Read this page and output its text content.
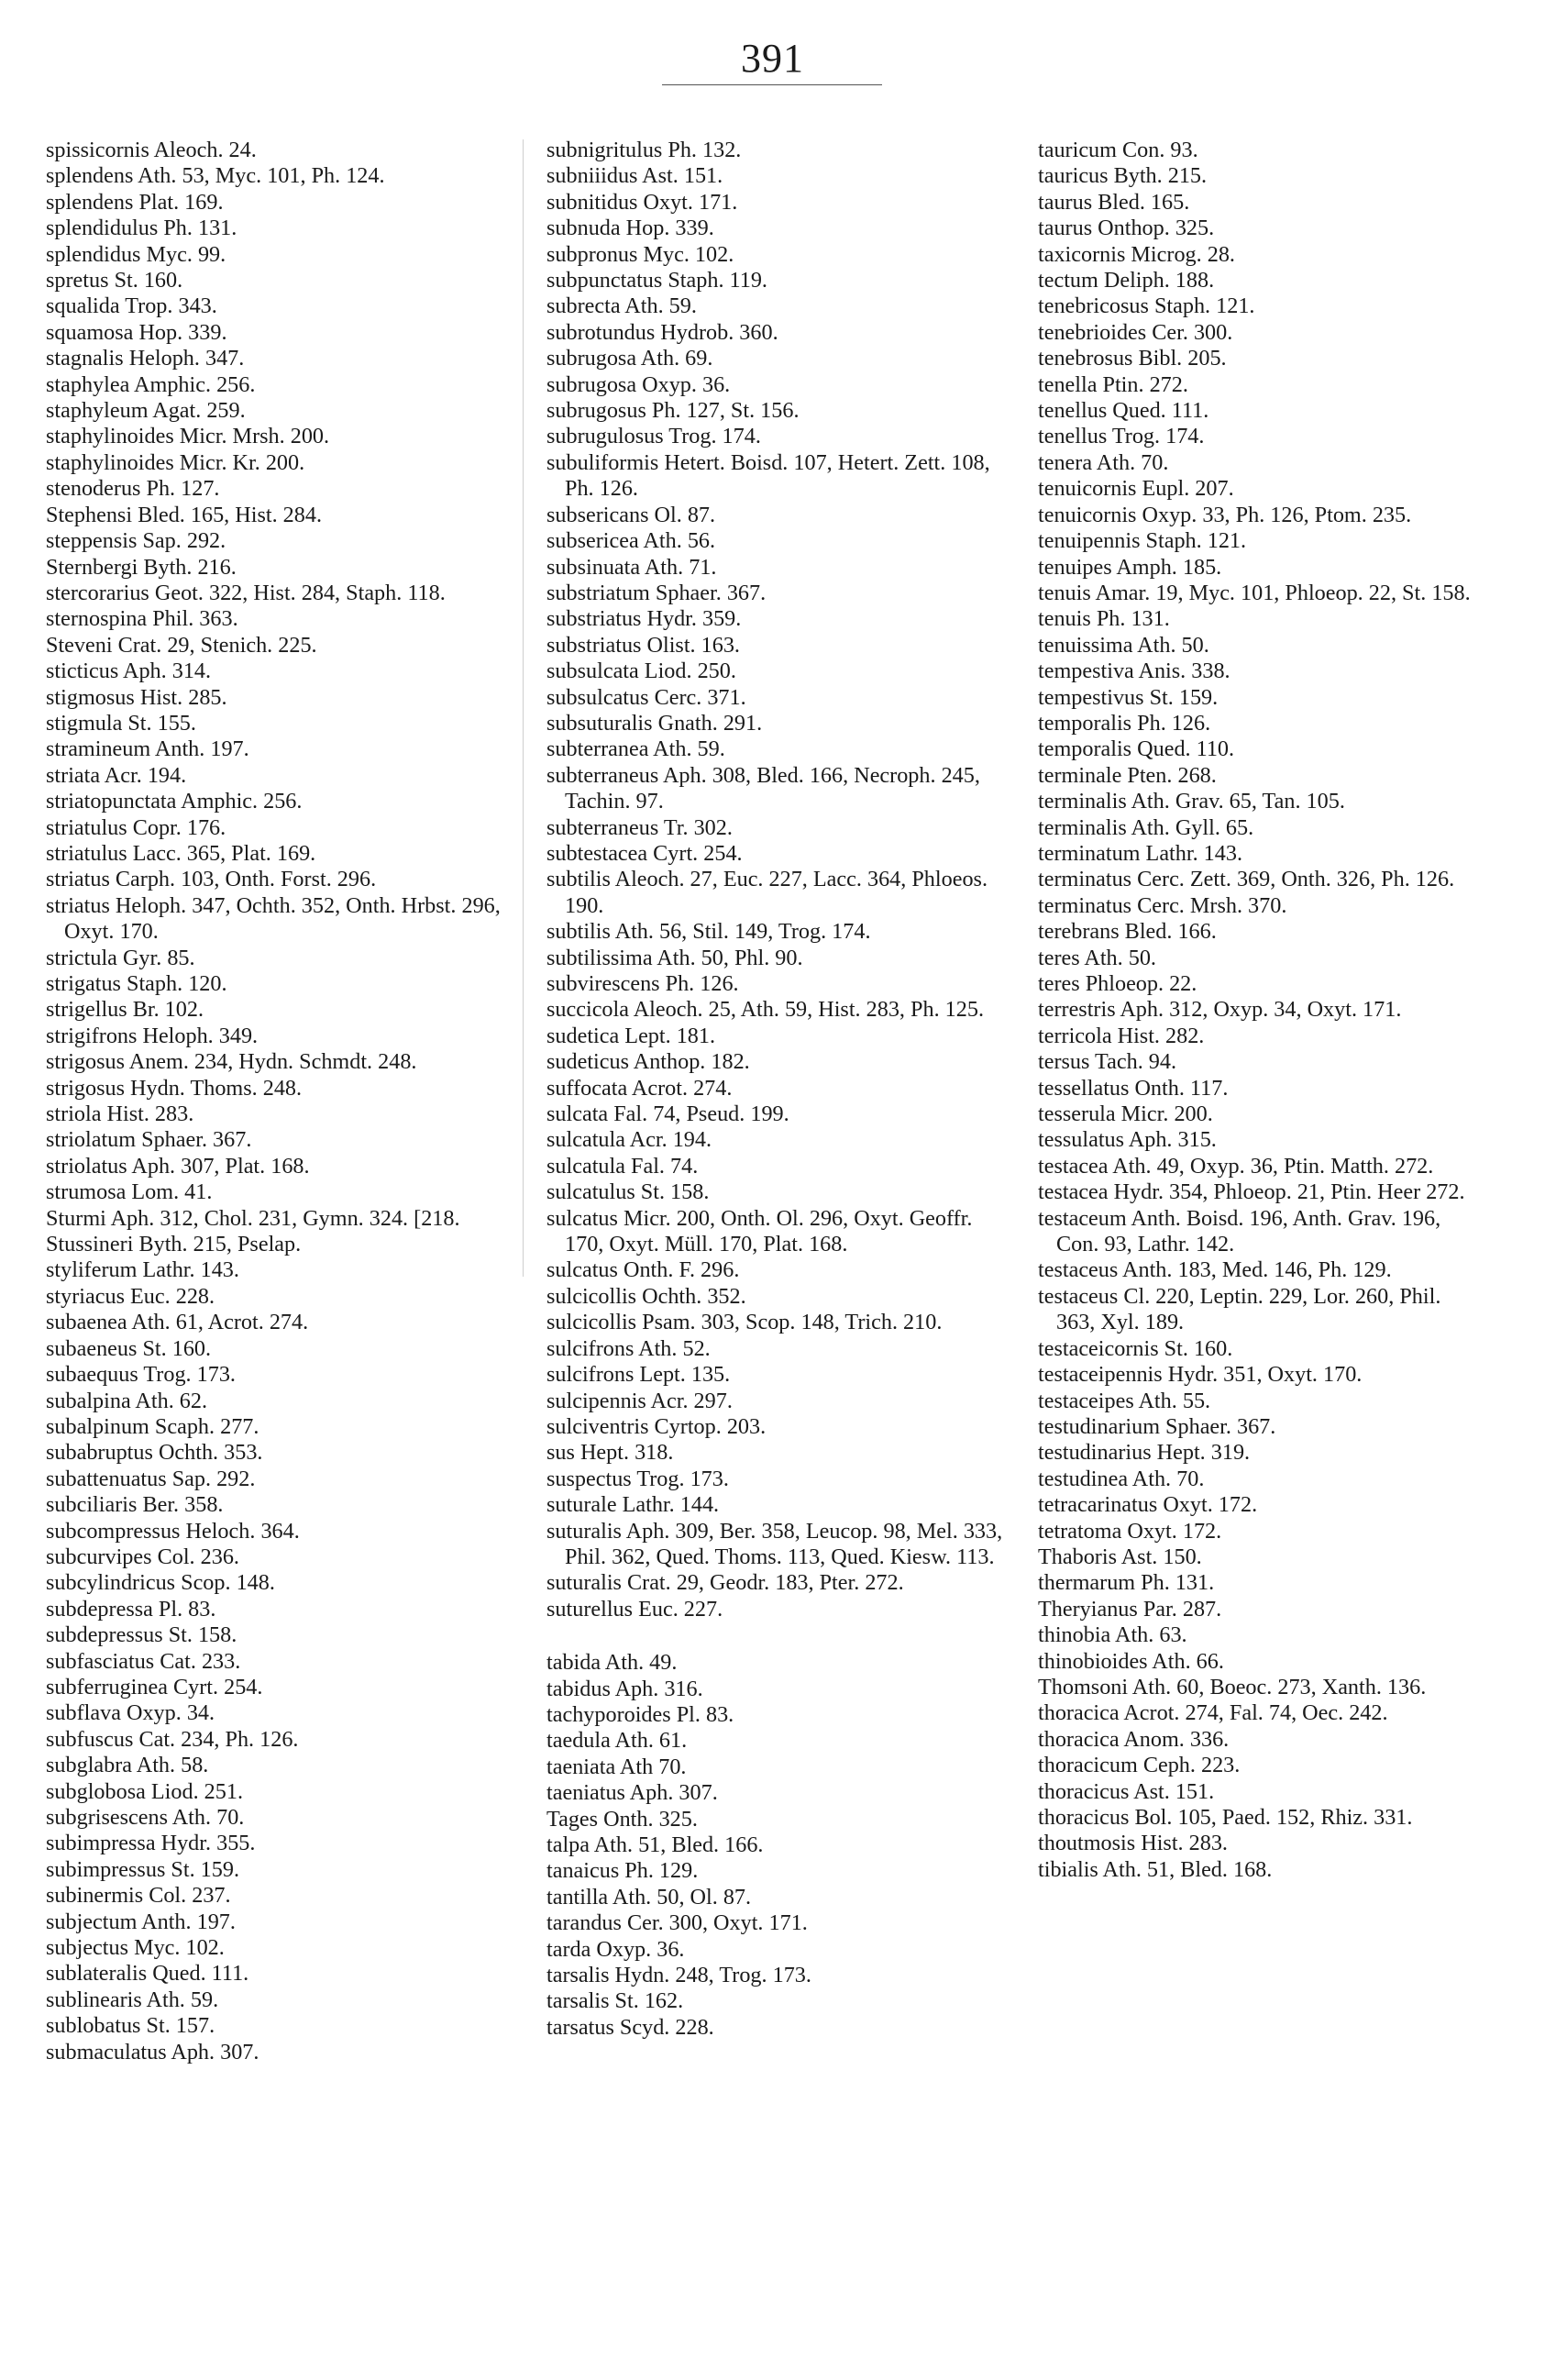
391
spissicornis Aleoch. 24.
splendens Ath. 53, Myc. 101, Ph. 124.
splendens Plat. 169.
splendidulus Ph. 131.
splendidus Myc. 99.
spretus St. 160.
squalida Trop. 343.
squamosa Hop. 339.
stagnalis Heloph. 347.
staphylea Amphic. 256.
staphyleum Agat. 259.
staphylinoides Micr. Mrsh. 200.
staphylinoides Micr. Kr. 200.
stenoderus Ph. 127.
Stephensi Bled. 165, Hist. 284.
steppensis Sap. 292.
Sternbergi Byth. 216.
stercorarius Geot. 322, Hist. 284, Staph. 118.
sternospina Phil. 363.
Steveni Crat. 29, Stenich. 225.
sticticus Aph. 314.
stigmosus Hist. 285.
stigmula St. 155.
stramineum Anth. 197.
striata Acr. 194.
striatopunctata Amphic. 256.
striatulus Copr. 176.
striatulus Lacc. 365, Plat. 169.
striatus Carph. 103, Onth. Forst. 296.
striatus Heloph. 347, Ochth. 352, Onth. Hrbst. 296, Oxyt. 170.
strictula Gyr. 85.
strigatus Staph. 120.
strigellus Br. 102.
strigifrons Heloph. 349.
strigosus Anem. 234, Hydn. Schmdt. 248.
strigosus Hydn. Thoms. 248.
striola Hist. 283.
striolatum Sphaer. 367.
striolatus Aph. 307, Plat. 168.
strumosa Lom. 41.
Sturmi Aph. 312, Chol. 231, Gymn. 324. [218.
Stussineri Byth. 215, Pselap.
styliferum Lathr. 143.
styriacus Euc. 228.
subaenea Ath. 61, Acrot. 274.
subaeneus St. 160.
subaequus Trog. 173.
subalpina Ath. 62.
subalpinum Scaph. 277.
subabruptus Ochth. 353.
subattenuatus Sap. 292.
subciliaris Ber. 358.
subcompressus Heloch. 364.
subcurvipes Col. 236.
subcylindricus Scop. 148.
subdepressa Pl. 83.
subdepressus St. 158.
subfasciatus Cat. 233.
subferruginea Cyrt. 254.
subflava Oxyp. 34.
subfuscus Cat. 234, Ph. 126.
subglabra Ath. 58.
subglobosa Liod. 251.
subgrisescens Ath. 70.
subimpressa Hydr. 355.
subimpressus St. 159.
subinermis Col. 237.
subjectum Anth. 197.
subjectus Myc. 102.
sublateralis Qued. 111.
sublinearis Ath. 59.
sublobatus St. 157.
submaculatus Aph. 307.
subnigritulus Ph. 132.
subniiidus Ast. 151.
subnitidus Oxyt. 171.
subnuda Hop. 339.
subpronus Myc. 102.
subpunctatus Staph. 119.
subrecta Ath. 59.
subrotundus Hydrob. 360.
subrugosa Ath. 69.
subrugosa Oxyp. 36.
subrugosus Ph. 127, St. 156.
subrugulosus Trog. 174.
subuliformis Hetert. Boisd. 107, Hetert. Zett. 108, Ph. 126.
subsericans Ol. 87.
subsericea Ath. 56.
subsinuata Ath. 71.
substriatum Sphaer. 367.
substriatus Hydr. 359.
substriatus Olist. 163.
subsulcata Liod. 250.
subsulcatus Cerc. 371.
subsuturalis Gnath. 291.
subterranea Ath. 59.
subterraneus Aph. 308, Bled. 166, Necroph. 245, Tachin. 97.
subterraneus Tr. 302.
subtestacea Cyrt. 254.
subtilis Aleoch. 27, Euc. 227, Lacc. 364, Phloeos. 190.
subtilis Ath. 56, Stil. 149, Trog. 174.
subtilissima Ath. 50, Phl. 90.
subvirescens Ph. 126.
succicola Aleoch. 25, Ath. 59, Hist. 283, Ph. 125.
sudetica Lept. 181.
sudeticus Anthop. 182.
suffocata Acrot. 274.
sulcata Fal. 74, Pseud. 199.
sulcatula Acr. 194.
sulcatula Fal. 74.
sulcatulus St. 158.
sulcatus Micr. 200, Onth. Ol. 296, Oxyt. Geoffr. 170, Oxyt. Müll. 170, Plat. 168.
sulcatus Onth. F. 296.
sulcicollis Ochth. 352.
sulcicollis Psam. 303, Scop. 148, Trich. 210.
sulcifrons Ath. 52.
sulcifrons Lept. 135.
sulcipennis Acr. 297.
sulciventris Cyrtop. 203.
sus Hept. 318.
suspectus Trog. 173.
suturale Lathr. 144.
suturalis Aph. 309, Ber. 358, Leucop. 98, Mel. 333, Phil. 362, Qued. Thoms. 113, Qued. Kiesw. 113.
suturalis Crat. 29, Geodr. 183, Pter. 272.
suturellus Euc. 227.
tabida Ath. 49.
tabidus Aph. 316.
tachyporoides Pl. 83.
taedula Ath. 61.
taeniata Ath 70.
taeniatus Aph. 307.
Tages Onth. 325.
talpa Ath. 51, Bled. 166.
tanaicus Ph. 129.
tantilla Ath. 50, Ol. 87.
tarandus Cer. 300, Oxyt. 171.
tarda Oxyp. 36.
tarsalis Hydn. 248, Trog. 173.
tarsalis St. 162.
tarsatus Scyd. 228.
tauricum Con. 93.
tauricus Byth. 215.
taurus Bled. 165.
taurus Onthop. 325.
taxicornis Microg. 28.
tectum Deliph. 188.
tenebricosus Staph. 121.
tenebrioides Cer. 300.
tenebrosus Bibl. 205.
tenella Ptin. 272.
tenellus Qued. 111.
tenellus Trog. 174.
tenera Ath. 70.
tenuicornis Eupl. 207.
tenuicornis Oxyp. 33, Ph. 126, Ptom. 235.
tenuipennis Staph. 121.
tenuipes Amph. 185.
tenuis Amar. 19, Myc. 101, Phloeop. 22, St. 158.
tenuis Ph. 131.
tenuissima Ath. 50.
tempestiva Anis. 338.
tempestivus St. 159.
temporalis Ph. 126.
temporalis Qued. 110.
terminale Pten. 268.
terminalis Ath. Grav. 65, Tan. 105.
terminalis Ath. Gyll. 65.
terminatum Lathr. 143.
terminatus Cerc. Zett. 369, Onth. 326, Ph. 126.
terminatus Cerc. Mrsh. 370.
terebrans Bled. 166.
teres Ath. 50.
teres Phloeop. 22.
terrestris Aph. 312, Oxyp. 34, Oxyt. 171.
terricola Hist. 282.
tersus Tach. 94.
tessellatus Onth. 117.
tesserula Micr. 200.
tessulatus Aph. 315.
testacea Ath. 49, Oxyp. 36, Ptin. Matth. 272.
testacea Hydr. 354, Phloeop. 21, Ptin. Heer 272.
testaceum Anth. Boisd. 196, Anth. Grav. 196, Con. 93, Lathr. 142.
testaceus Anth. 183, Med. 146, Ph. 129.
testaceus Cl. 220, Leptin. 229, Lor. 260, Phil. 363, Xyl. 189.
testaceicornis St. 160.
testaceipennis Hydr. 351, Oxyt. 170.
testaceipes Ath. 55.
testudinarium Sphaer. 367.
testudinarius Hept. 319.
testudinea Ath. 70.
tetracarinatus Oxyt. 172.
tetratoma Oxyt. 172.
Thaboris Ast. 150.
thermarum Ph. 131.
Theryianus Par. 287.
thinobia Ath. 63.
thinobioides Ath. 66.
Thomsoni Ath. 60, Boeoc. 273, Xanth. 136.
thoracica Acrot. 274, Fal. 74, Oec. 242.
thoracica Anom. 336.
thoracicum Ceph. 223.
thoracicus Ast. 151.
thoracicus Bol. 105, Paed. 152, Rhiz. 331.
thoutmosis Hist. 283.
tibialis Ath. 51, Bled. 168.
